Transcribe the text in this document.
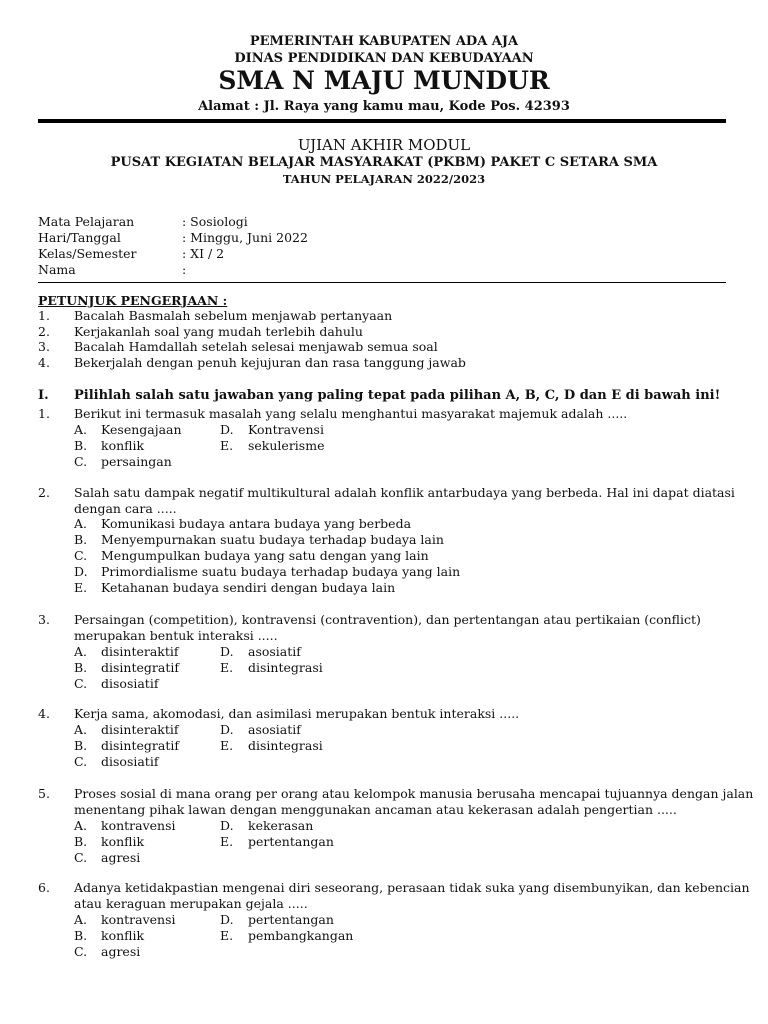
PEMERINTAH KABUPATEN ADA AJA
DINAS PENDIDIKAN DAN KEBUDAYAAN
SMA N MAJU MUNDUR
Alamat : Jl. Raya yang kamu mau, Kode Pos. 42393
UJIAN AKHIR MODUL
PUSAT KEGIATAN BELAJAR MASYARAKAT (PKBM) PAKET C SETARA SMA
TAHUN PELAJARAN 2022/2023
Mata Pelajaran	: Sosiologi
Hari/Tanggal	: Minggu, Juni 2022
Kelas/Semester	: XI / 2
Nama	:
PETUNJUK PENGERJAAN :
1. Bacalah Basmalah sebelum menjawab pertanyaan
2. Kerjakanlah soal yang mudah terlebih dahulu
3. Bacalah Hamdallah setelah selesai menjawab semua soal
4. Bekerjalah dengan penuh kejujuran dan rasa tanggung jawab
I. Pilihlah salah satu jawaban yang paling tepat pada pilihan A, B, C, D dan E di bawah ini!
1. Berikut ini termasuk masalah yang selalu menghantui masyarakat majemuk adalah .....
A. Kesengajaan	D. Kontravensi
B. konflik	E. sekulerisme
C. persaingan
2. Salah satu dampak negatif multikultural adalah konflik antarbudaya yang berbeda. Hal ini dapat diatasi
dengan cara .....
A. Komunikasi budaya antara budaya yang berbeda
B. Menyempurnakan suatu budaya terhadap budaya lain
C. Mengumpulkan budaya yang satu dengan yang lain
D. Primordialisme suatu budaya terhadap budaya yang lain
E. Ketahanan budaya sendiri dengan budaya lain
3. Persaingan (competition), kontravensi (contravention), dan pertentangan atau pertikaian (conflict)
merupakan bentuk interaksi .....
A. disinteraktif	D. asosiatif
B. disintegratif	E. disintegrasi
C. disosiatif
4. Kerja sama, akomodasi, dan asimilasi merupakan bentuk interaksi .....
A. disinteraktif	D. asosiatif
B. disintegratif	E. disintegrasi
C. disosiatif
5. Proses sosial di mana orang per orang atau kelompok manusia berusaha mencapai tujuannya dengan jalan
menentang pihak lawan dengan menggunakan ancaman atau kekerasan adalah pengertian .....
A. kontravensi	D. kekerasan
B. konflik	E. pertentangan
C. agresi
6. Adanya ketidakpastian mengenai diri seseorang, perasaan tidak suka yang disembunyikan, dan kebencian
atau keraguan merupakan gejala .....
A. kontravensi	D. pertentangan
B. konflik	E. pembangkangan
C. agresi
